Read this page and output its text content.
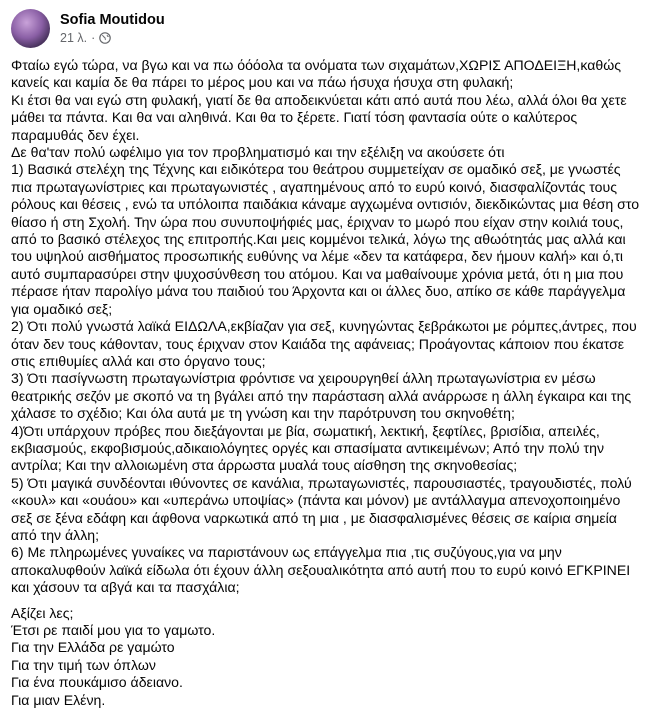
Sofia Moutidou
21 λ. ·

Φταίω εγώ τώρα, να βγω και να πω όόόολα τα ονόματα των σιχαμάτων,ΧΩΡΙΣ ΑΠΟΔΕΙΞΗ,καθώς κανείς και καμία δε θα πάρει το μέρος μου και να πάω ήσυχα ήσυχα στη φυλακή;

Κι έτσι θα ναι εγώ στη φυλακή, γιατί δε θα αποδεικνύεται κάτι από αυτά που λέω, αλλά όλοι θα χετε μάθει τα πάντα. Και θα ναι αληθινά. Και θα το ξέρετε. Γιατί τόση φαντασία ούτε ο καλύτερος παραμυθάς δεν έχει.

Δε θα'ταν πολύ ωφέλιμο για τον προβληματισμό και την εξέλιξη να ακούσετε ότι

1) Βασικά στελέχη της Τέχνης και ειδικότερα του θεάτρου συμμετείχαν σε ομαδικό σεξ, με γνωστές πια πρωταγωνίστριες και πρωταγωνιστές , αγαπημένους από το ευρύ κοινό, διασφαλίζοντάς τους ρόλους και θέσεις , ενώ τα υπόλοιπα παιδάκια κάναμε αγχωμένα οντισιόν, διεκδικώντας μια θέση στο θίασο ή στη Σχολή. Την ώρα που συνυποψήφιές μας, έριχναν το μωρό που είχαν στην κοιλιά τους, από το βασικό στέλεχος της επιτροπής.Και μεις κομμένοι τελικά, λόγω της αθωότητάς μας αλλά και του υψηλού αισθήματος προσωπικής ευθύνης να λέμε «δεν τα κατάφερα, δεν ήμουν καλή» και ό,τι αυτό συμπαρασύρει στην ψυχοσύνθεση του ατόμου. Και να μαθαίνουμε χρόνια μετά, ότι η μια που πέρασε ήταν παρολίγο μάνα του παιδιού του Άρχοντα και οι άλλες δυο, απίκο σε κάθε παράγγελμα για ομαδικό σεξ;

2) Ότι πολύ γνωστά λαϊκά ΕΙΔΩΛΑ,εκβίαζαν για σεξ, κυνηγώντας ξεβράκωτοι με ρόμπες,άντρες, που όταν δεν τους κάθονταν, τους έριχναν στον Καιάδα της αφάνειας; Προάγοντας κάποιον που έκατσε στις επιθυμίες αλλά και στο όργανο τους;

3) Ότι πασίγνωστη πρωταγωνίστρια φρόντισε να χειρουργηθεί άλλη πρωταγωνίστρια εν μέσω θεατρικής σεζόν με σκοπό να τη βγάλει από την παράσταση αλλά ανάρρωσε η άλλη έγκαιρα και της χάλασε το σχέδιο; Και όλα αυτά με τη γνώση και την παρότρυνση του σκηνοθέτη;

4)Ότι υπάρχουν πρόβες που διεξάγονται με βία, σωματική, λεκτική, ξεφτίλες, βρισίδια, απειλές, εκβιασμούς, εκφοβισμούς,αδικαιολόγητες οργές και σπασίματα αντικειμένων; Από την πολύ την αντρίλα; Και την αλλοιωμένη στα άρρωστα μυαλά τους αίσθηση της σκηνοθεσίας;

5) Ότι μαγικά συνδέονται ιθύνοντες σε κανάλια, πρωταγωνιστές, παρουσιαστές, τραγουδιστές, πολύ «κουλ» και «ουάου» και «υπεράνω υποψίας» (πάντα και μόνον) με αντάλλαγμα απενοχοποιημένο σεξ σε ξένα εδάφη και άφθονα ναρκωτικά από τη μια , με διασφαλισμένες θέσεις σε καίρια σημεία από την άλλη;

6) Με πληρωμένες γυναίκες να παριστάνουν ως επάγγελμα πια ,τις συζύγους,για να μην αποκαλυφθούν λαϊκά είδωλα ότι έχουν άλλη σεξουαλικότητα από αυτή που το ευρύ κοινό ΕΓΚΡΙΝΕΙ και χάσουν τα αβγά και τα πασχάλια;

Αξίζει λες;

Έτσι ρε παιδί μου για το γαμωτο.

Για την Ελλάδα ρε γαμώτο

Για την τιμή των όπλων

Για ένα πουκάμισο άδειανο.

Για μιαν Ελένη.
